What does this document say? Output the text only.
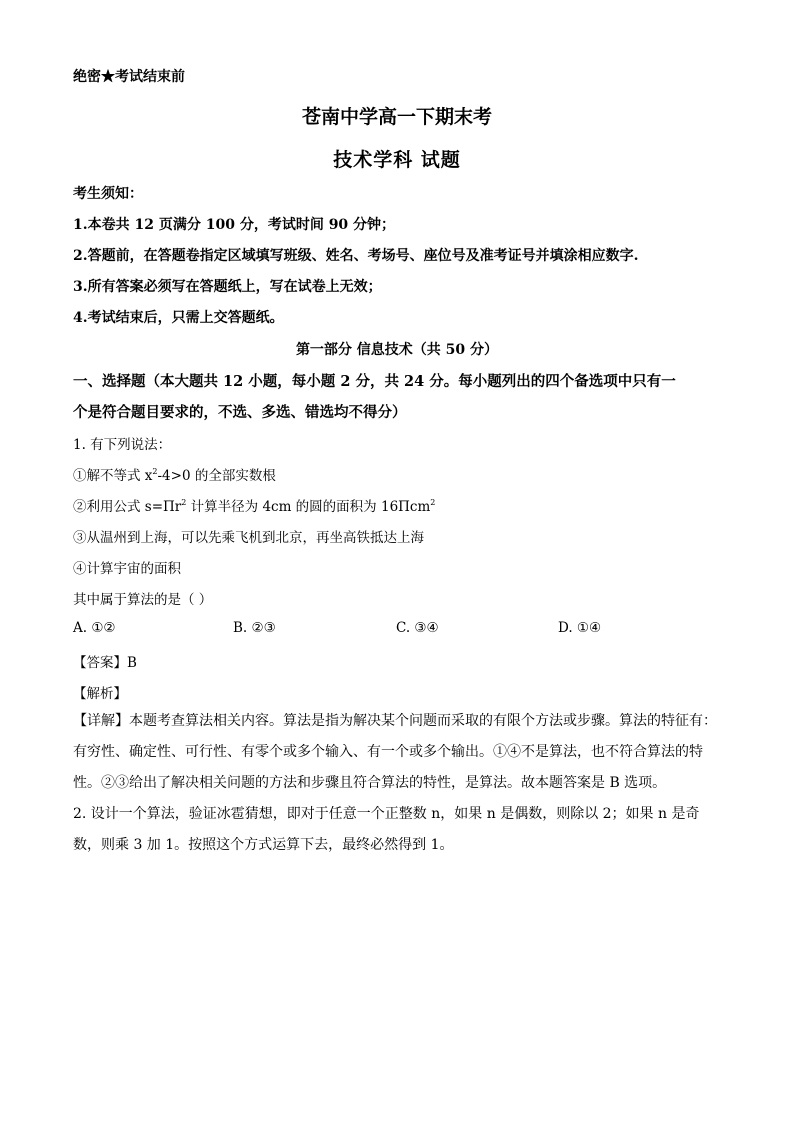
绝密★考试结束前
苍南中学高一下期末考
技术学科 试题
考生须知：
1.本卷共 12 页满分 100 分，考试时间 90 分钟；
2.答题前，在答题卷指定区域填写班级、姓名、考场号、座位号及准考证号并填涂相应数字.
3.所有答案必须写在答题纸上，写在试卷上无效；
4.考试结束后，只需上交答题纸。
第一部分 信息技术（共 50 分）
一、选择题（本大题共 12 小题，每小题 2 分，共 24 分。每小题列出的四个备选项中只有一
个是符合题目要求的，不选、多选、错选均不得分）
1. 有下列说法：
①解不等式 $x^2-4>0$ 的全部实数根
②利用公式 $s=\Pi r^2$ 计算半径为 4cm 的圆的面积为 16Πcm$^2$
③从温州到上海，可以先乘飞机到北京，再坐高铁抵达上海
④计算宇宙的面积
其中属于算法的是（ ）
A. ①②	B. ②③	C. ③④	D. ①④
【答案】B
【解析】
【详解】本题考查算法相关内容。算法是指为解决某个问题而采取的有限个方法或步骤。算法的特征有：有穷性、确定性、可行性、有零个或多个输入、有一个或多个输出。①④不是算法，也不符合算法的特性。②③给出了解决相关问题的方法和步骤且符合算法的特性，是算法。故本题答案是 B 选项。
2. 设计一个算法，验证冰雹猜想，即对于任意一个正整数 n，如果 n 是偶数，则除以 2；如果 n 是奇数，则乘 3 加 1。按照这个方式运算下去，最终必然得到 1。
